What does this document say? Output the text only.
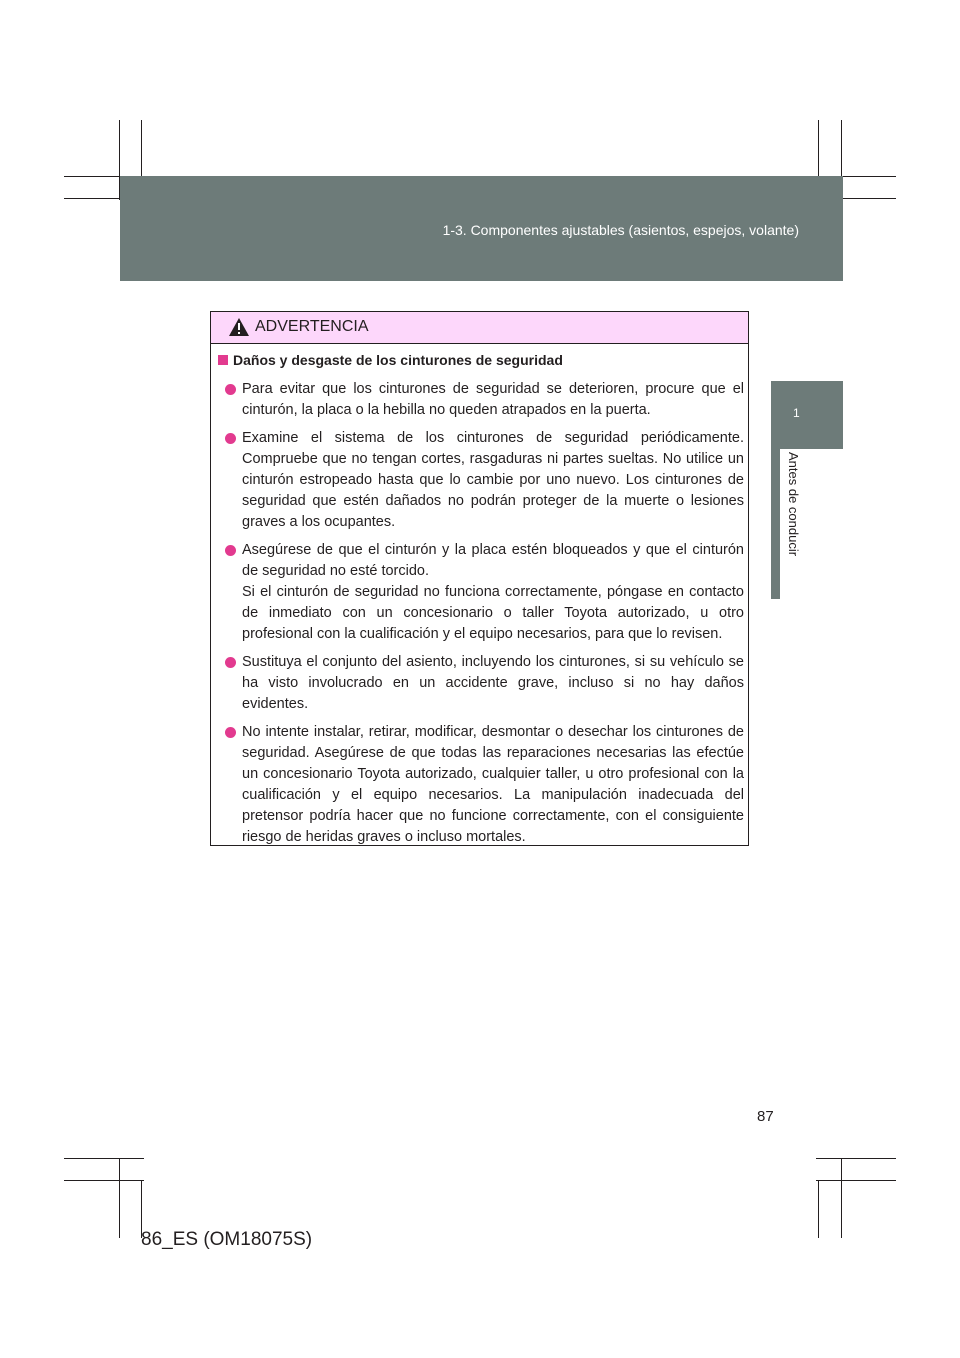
1-3. Componentes ajustables (asientos, espejos, volante)
1
Antes de conducir
ADVERTENCIA
Daños y desgaste de los cinturones de seguridad

Para evitar que los cinturones de seguridad se deterioren, procure que el cinturón, la placa o la hebilla no queden atrapados en la puerta.

Examine el sistema de los cinturones de seguridad periódicamente. Compruebe que no tengan cortes, rasgaduras ni partes sueltas. No utilice un cinturón estropeado hasta que lo cambie por uno nuevo. Los cinturones de seguridad que estén dañados no podrán proteger de la muerte o lesiones graves a los ocupantes.

Asegúrese de que el cinturón y la placa estén bloqueados y que el cinturón de seguridad no esté torcido.

Si el cinturón de seguridad no funciona correctamente, póngase en contacto de inmediato con un concesionario o taller Toyota autorizado, u otro profesional con la cualificación y el equipo necesarios, para que lo revisen.

Sustituya el conjunto del asiento, incluyendo los cinturones, si su vehículo se ha visto involucrado en un accidente grave, incluso si no hay daños evidentes.

No intente instalar, retirar, modificar, desmontar o desechar los cinturones de seguridad. Asegúrese de que todas las reparaciones necesarias las efectúe un concesionario Toyota autorizado, cualquier taller, u otro profesional con la cualificación y el equipo necesarios. La manipulación inadecuada del pretensor podría hacer que no funcione correctamente, con el consiguiente riesgo de heridas graves o incluso mortales.

87
86_ES (OM18075S)
